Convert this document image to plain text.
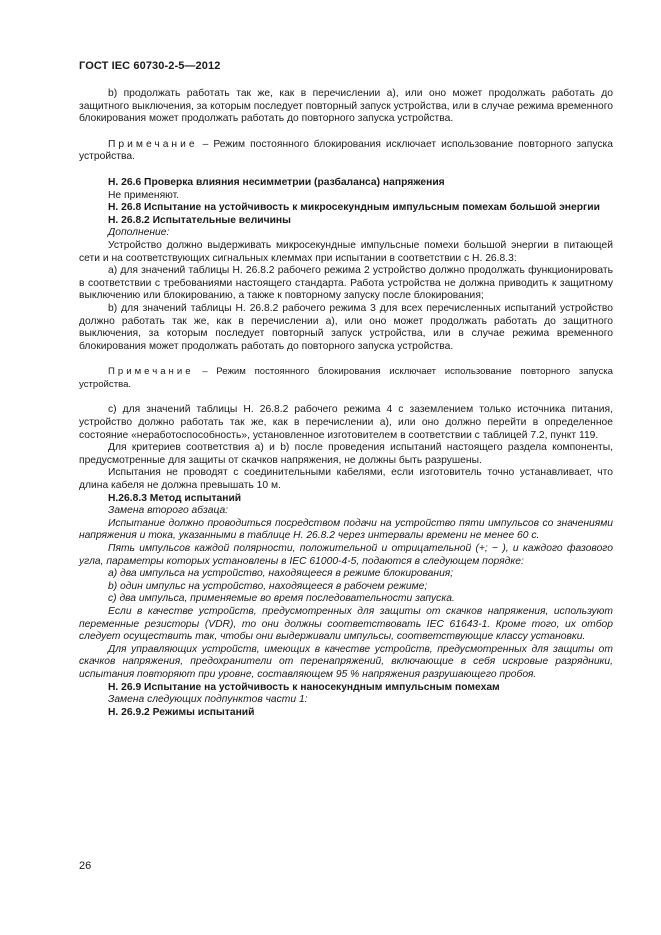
ГОСТ IEC 60730-2-5—2012

b) продолжать работать так же, как в перечислении а), или оно может продолжать работать до защитного выключения, за которым последует повторный запуск устройства, или в случае режима временного блокирования может продолжать работать до повторного запуска устройства.

Примечание – Режим постоянного блокирования исключает использование повторного запуска устройства.

Н. 26.6 Проверка влияния несимметрии (разбаланса) напряжения

Не применяют.

Н. 26.8 Испытание на устойчивость к микросекундным импульсным помехам большой энергии

Н. 26.8.2 Испытательные величины

Дополнение:

Устройство должно выдерживать микросекундные импульсные помехи большой энергии в питающей сети и на соответствующих сигнальных клеммах при испытании в соответствии с Н. 26.8.3:

a) для значений таблицы Н. 26.8.2 рабочего режима 2 устройство должно продолжать функционировать в соответствии с требованиями настоящего стандарта. Работа устройства не должна приводить к защитному выключению или блокированию, а также к повторному запуску после блокирования;

b) для значений таблицы Н. 26.8.2 рабочего режима 3 для всех перечисленных испытаний устройство должно работать так же, как в перечислении а), или оно может продолжать работать до защитного выключения, за которым последует повторный запуск устройства, или в случае режима временного блокирования может продолжать работать до повторного запуска устройства.

Примечание – Режим постоянного блокирования исключает использование повторного запуска устройства.

c) для значений таблицы Н. 26.8.2 рабочего режима 4 с заземлением только источника питания, устройство должно работать так же, как в перечислении а), или оно должно перейти в определенное состояние «неработоспособность», установленное изготовителем в соответствии с таблицей 7.2, пункт 119.

Для критериев соответствия а) и b) после проведения испытаний настоящего раздела компоненты, предусмотренные для защиты от скачков напряжения, не должны быть разрушены.

Испытания не проводят с соединительными кабелями, если изготовитель точно устанавливает, что длина кабеля не должна превышать 10 м.

Н.26.8.3 Метод испытаний

Замена второго абзаца:

Испытание должно проводиться посредством подачи на устройство пяти импульсов со значениями напряжения и тока, указанными в таблице Н. 26.8.2 через интервалы времени не менее 60 с.

Пять импульсов каждой полярности, положительной и отрицательной (+; − ), и каждого фазового угла, параметры которых установлены в IEC 61000-4-5, подаются в следующем порядке:

a) два импульса на устройство, находящееся в режиме блокирования;

b) один импульс на устройство, находящееся в рабочем режиме;

c) два импульса, применяемые во время последовательности запуска.

Если в качестве устройств, предусмотренных для защиты от скачков напряжения, используют переменные резисторы (VDR), то они должны соответствовать IEC 61643-1. Кроме того, их отбор следует осуществить так, чтобы они выдерживали импульсы, соответствующие классу установки.

Для управляющих устройств, имеющих в качестве устройств, предусмотренных для защиты от скачков напряжения, предохранители от перенапряжений, включающие в себя искровые разрядники, испытания повторяют при уровне, составляющем 95 % напряжения разрушающего пробоя.

Н. 26.9 Испытание на устойчивость к наносекундным импульсным помехам

Замена следующих подпунктов части 1:

Н. 26.9.2 Режимы испытаний

26
